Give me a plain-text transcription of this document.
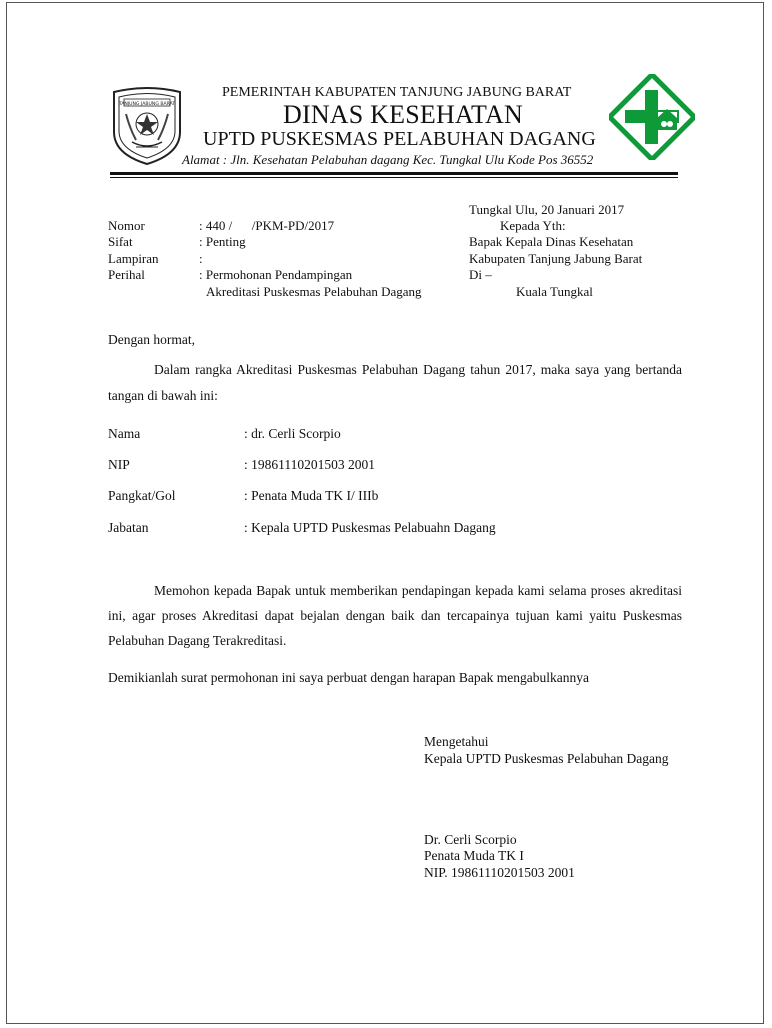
TANJUNG JABUNG BARAT
PEMERINTAH KABUPATEN TANJUNG JABUNG BARAT
DINAS KESEHATAN
UPTD PUSKESMAS PELABUHAN DAGANG
Alamat : Jln. Kesehatan Pelabuhan dagang Kec. Tungkal Ulu Kode Pos 36552
Tungkal Ulu, 20 Januari 2017
Nomor	: 440 /      /PKM-PD/2017
Sifat	: Penting
Lampiran	:
Perihal	: Permohonan Pendampingan
Akreditasi Puskesmas Pelabuhan Dagang
Kepada Yth:
Bapak Kepala Dinas Kesehatan
Kabupaten Tanjung Jabung Barat
Di –
Kuala Tungkal
Dengan hormat,
Dalam rangka Akreditasi Puskesmas Pelabuhan Dagang tahun 2017, maka saya yang bertanda tangan di bawah ini:
Nama	: dr. Cerli Scorpio
NIP	: 19861110201503 2001
Pangkat/Gol	: Penata Muda TK I/ IIIb
Jabatan	: Kepala UPTD Puskesmas Pelabuahn Dagang
Memohon kepada Bapak untuk memberikan pendapingan kepada kami selama proses akreditasi ini, agar proses Akreditasi dapat bejalan dengan baik dan tercapainya tujuan kami yaitu Puskesmas Pelabuhan Dagang Terakreditasi.
Demikianlah surat permohonan ini saya perbuat dengan harapan Bapak mengabulkannya
Mengetahui
Kepala UPTD Puskesmas Pelabuhan Dagang
Dr. Cerli Scorpio
Penata Muda TK I
NIP. 19861110201503 2001
